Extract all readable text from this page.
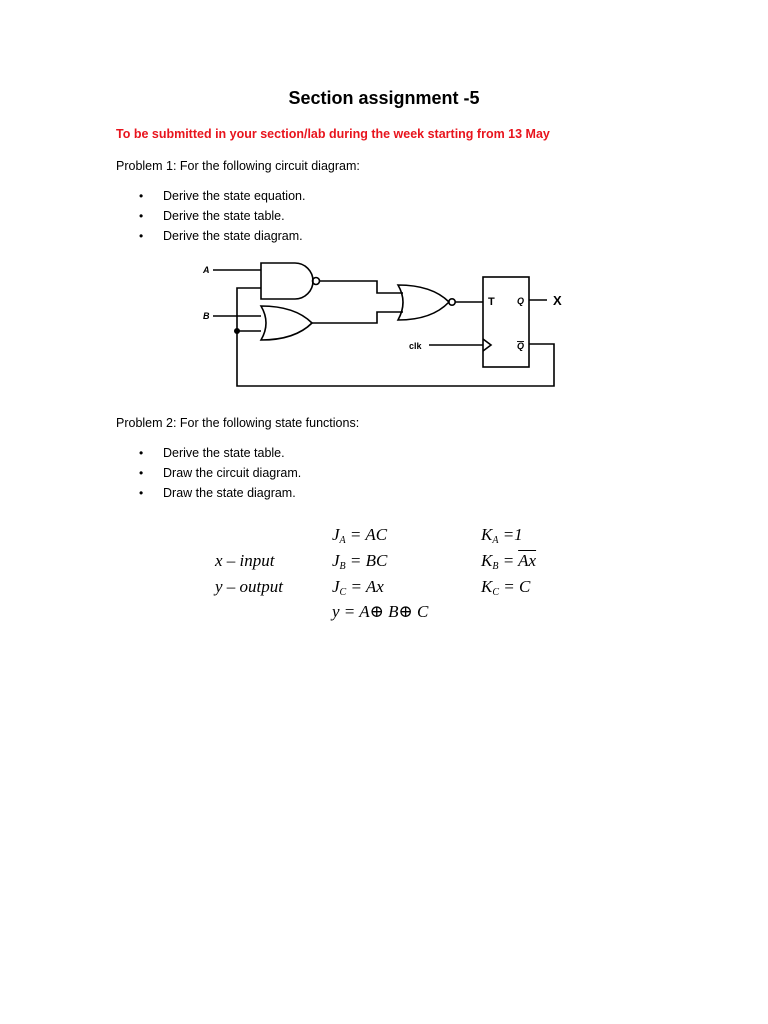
Section assignment -5
To be submitted in your section/lab during the week starting from 13 May
Problem 1: For the following circuit diagram:
• Derive the state equation.
• Derive the state table.
• Derive the state diagram.
A
B
T Q
Q
clk
X
Problem 2: For the following state functions:
• Derive the state table.
• Draw the circuit diagram.
• Draw the state diagram.
x – input
y – output
$J_A$ = AC
$J_B$ = BC
$J_C = Ax$
y = A⊕ B⊕ C
$K_A =1$
$K_B = \overline{Ax}$
$K_C = C$
